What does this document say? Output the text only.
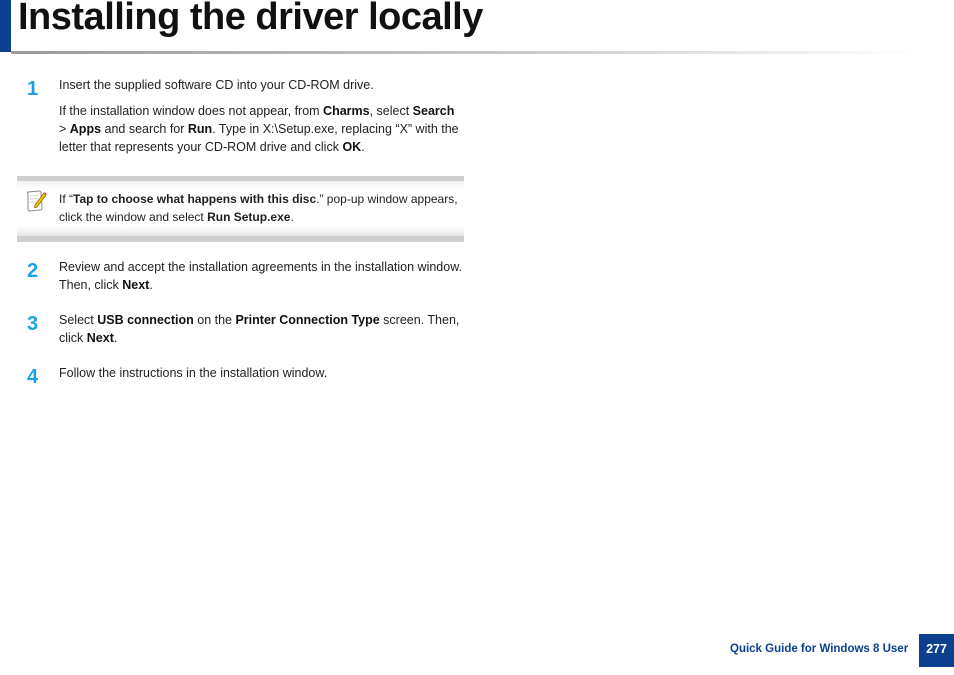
Installing the driver locally
1	Insert the supplied software CD into your CD-ROM drive.

If the installation window does not appear, from Charms, select Search > Apps and search for Run. Type in X:\Setup.exe, replacing “X” with the letter that represents your CD-ROM drive and click OK.

If “Tap to choose what happens with this disc.” pop-up window appears, click the window and select Run Setup.exe.

2	Review and accept the installation agreements in the installation window. Then, click Next.

3	Select USB connection on the Printer Connection Type screen. Then, click Next.

4	Follow the instructions in the installation window.

Quick Guide for Windows 8 User	277
